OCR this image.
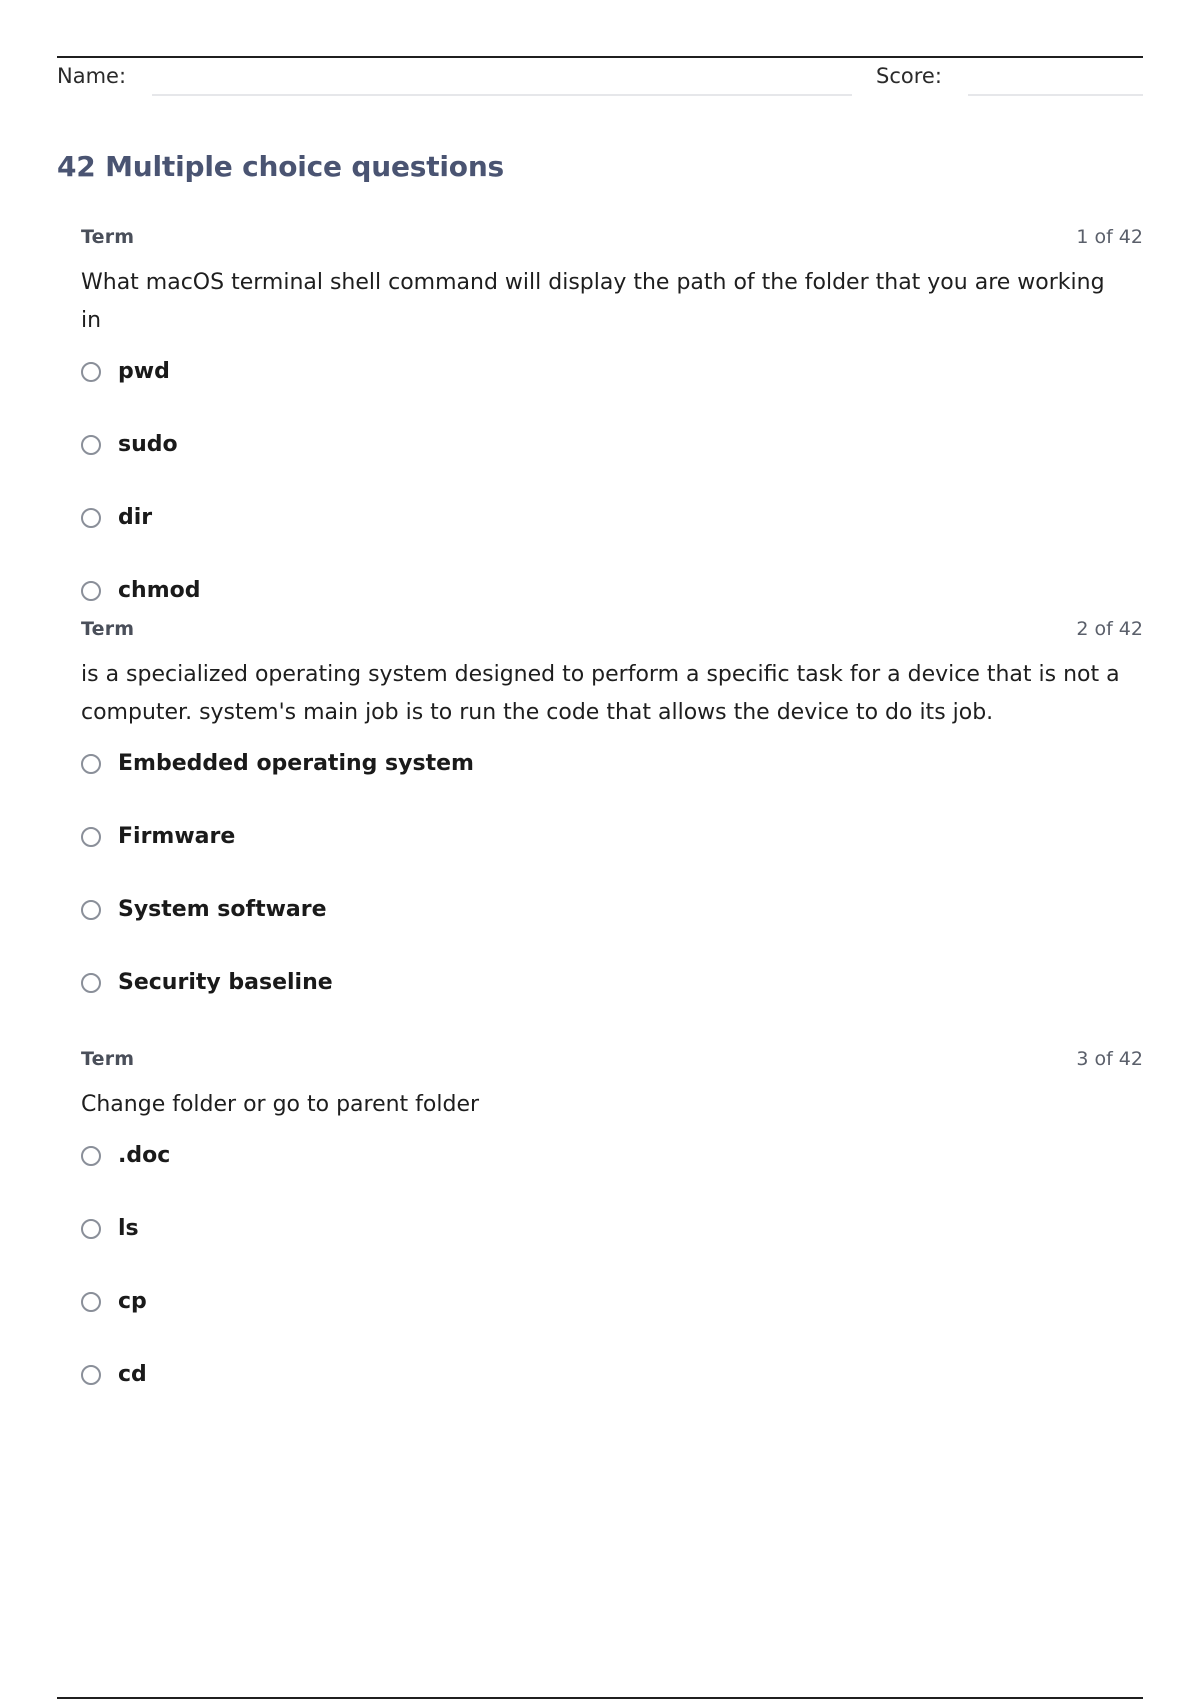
Name:	Score:
42 Multiple choice questions
Term	1 of 42
What macOS terminal shell command will display the path of the folder that you are working in
pwd
sudo
dir
chmod
Term	2 of 42
is a specialized operating system designed to perform a specific task for a device that is not a computer. system's main job is to run the code that allows the device to do its job.
Embedded operating system
Firmware
System software
Security baseline
Term	3 of 42
Change folder or go to parent folder
.doc
ls
cp
cd
